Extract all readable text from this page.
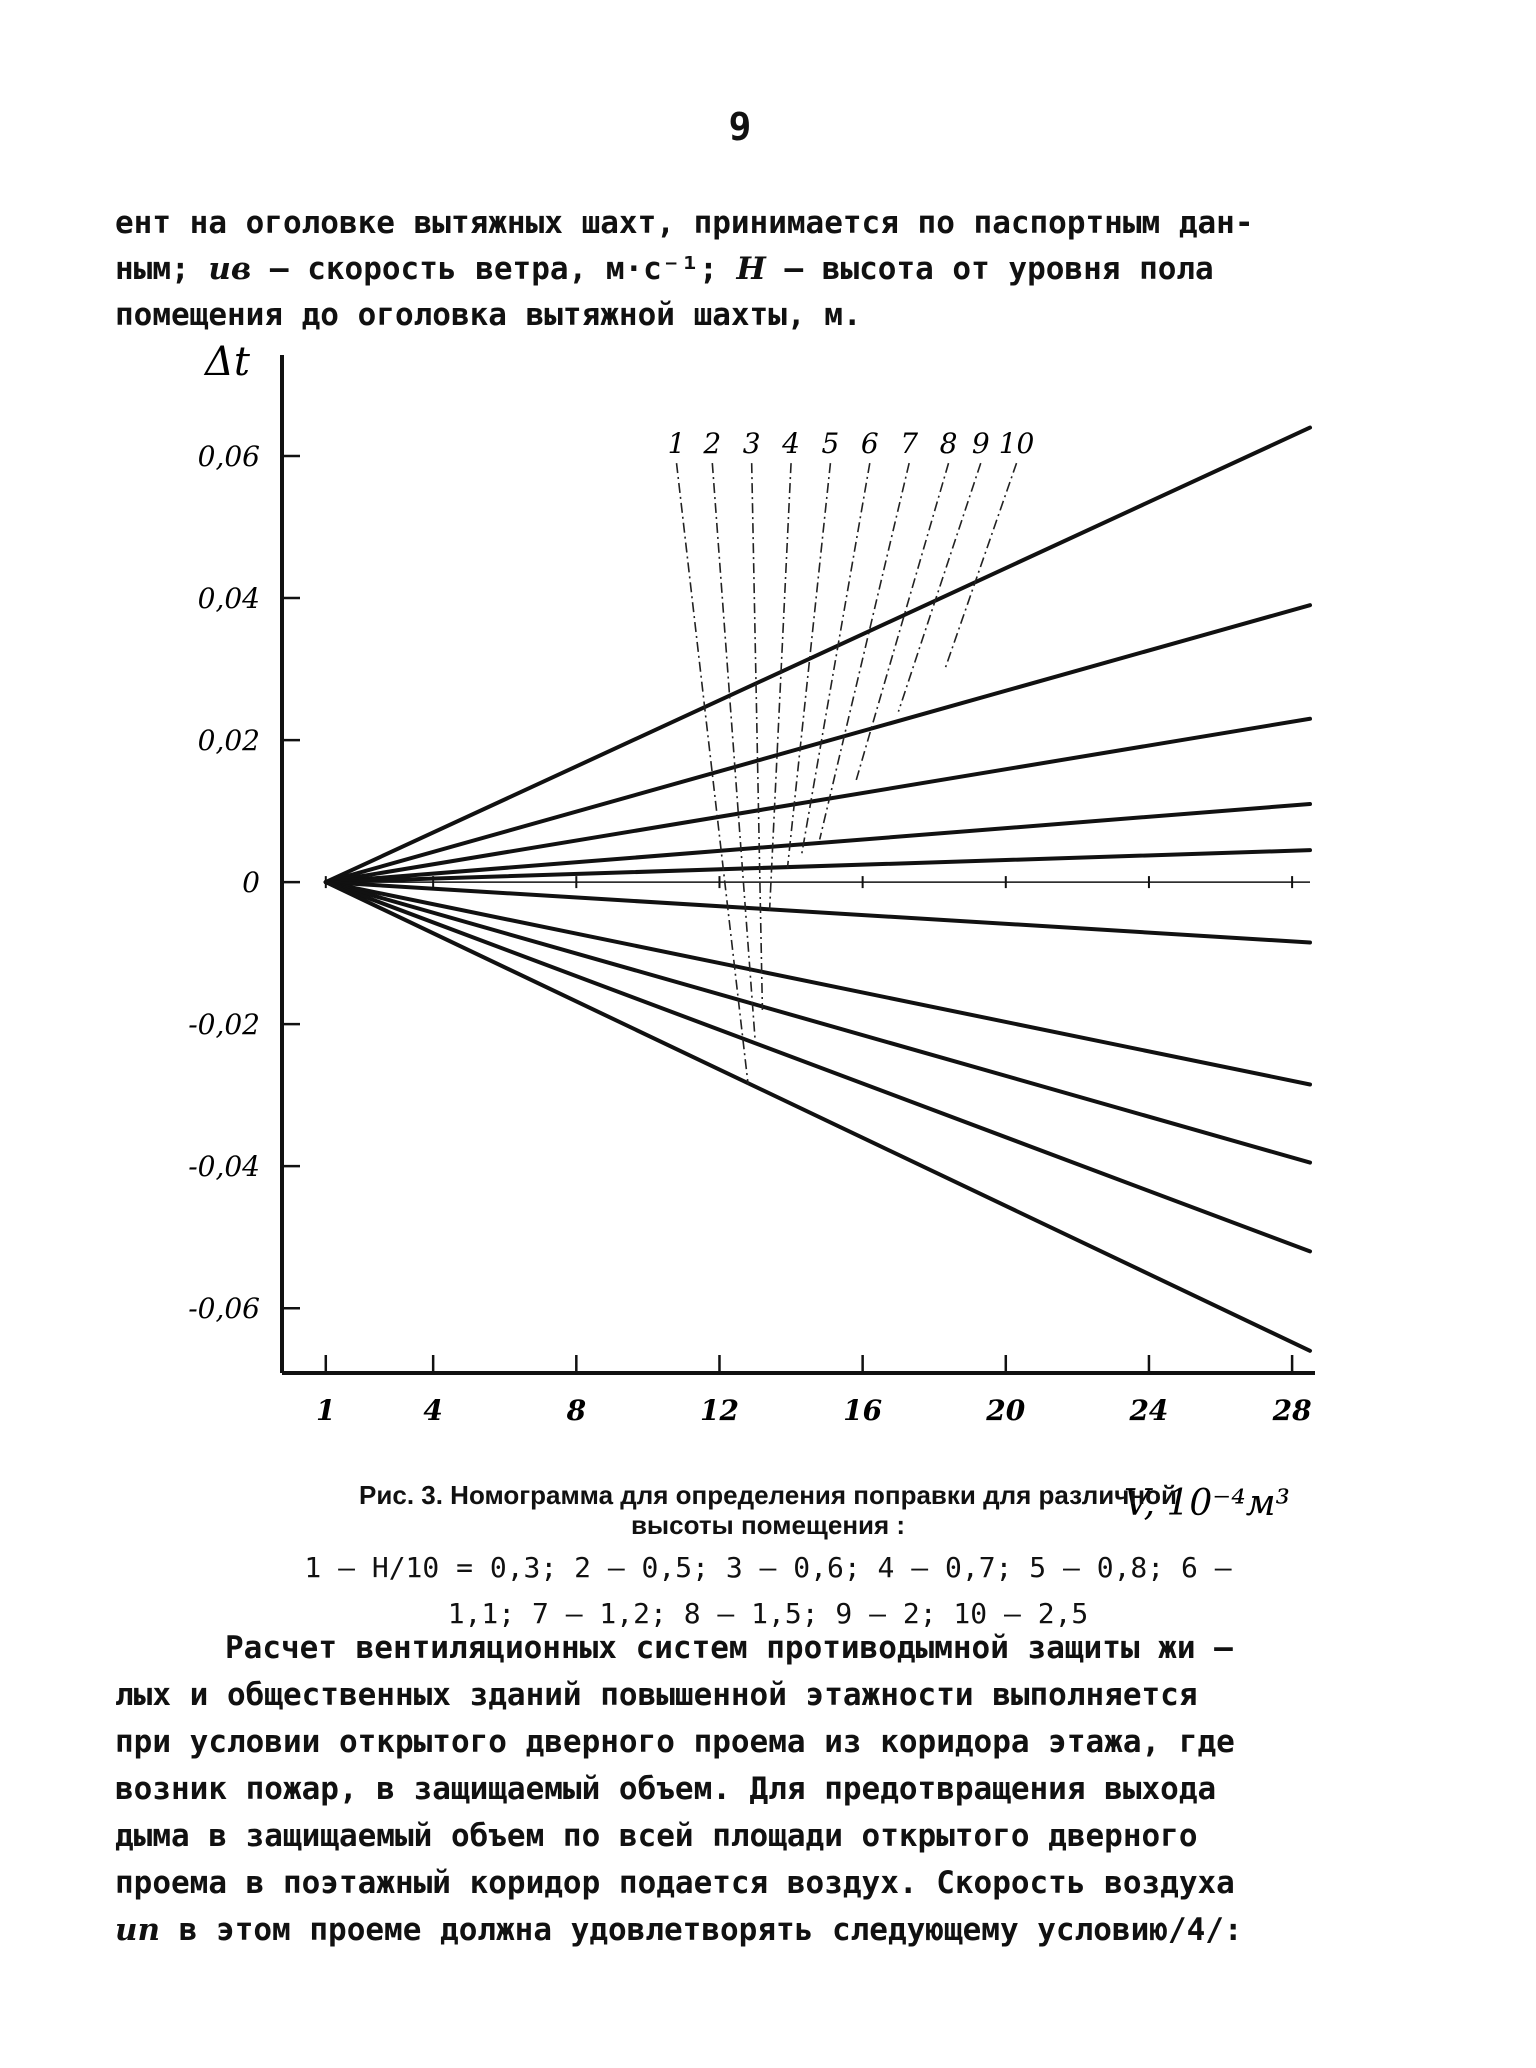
9
ент на оголовке вытяжных шахт, принимается по паспортным дан-
ным; uв – скорость ветра, м·с⁻¹; H – высота от уровня пола
помещения до оголовка вытяжной шахты, м.
0,06
0,04
0,02
0
-0,02
-0,04
-0,06
1	4	8	12	16	20	24	28
Δt
V, 10⁻⁴м³
1 2 3 4 5 6 7 8 9 10
Рис. 3. Номограмма для определения поправки для различной
высоты помещения :
1 – H/10 = 0,3; 2 – 0,5; 3 – 0,6; 4 – 0,7; 5 – 0,8; 6 –
1,1; 7 – 1,2; 8 – 1,5; 9 – 2; 10 – 2,5
Расчет вентиляционных систем противодымной защиты жи –
лых и общественных зданий повышенной этажности выполняется
при условии открытого дверного проема из коридора этажа, где
возник пожар, в защищаемый объем. Для предотвращения выхода
дыма в защищаемый объем по всей площади открытого дверного
проема в поэтажный коридор подается воздух. Скорость воздуха
uп в этом проеме должна удовлетворять следующему условию/4/:
